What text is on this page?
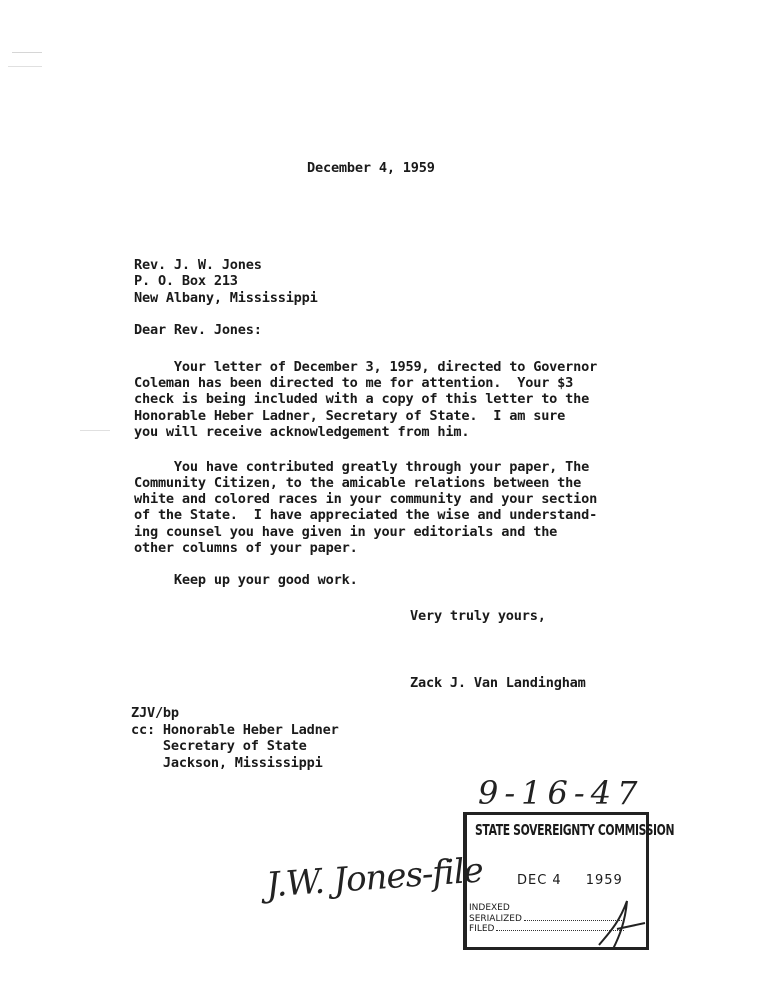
December 4, 1959
Rev. J. W. Jones
P. O. Box 213
New Albany, Mississippi
Dear Rev. Jones:
Your letter of December 3, 1959, directed to Governor
Coleman has been directed to me for attention.  Your $3
check is being included with a copy of this letter to the
Honorable Heber Ladner, Secretary of State.  I am sure
you will receive acknowledgement from him.
You have contributed greatly through your paper, The
Community Citizen, to the amicable relations between the
white and colored races in your community and your section
of the State.  I have appreciated the wise and understand-
ing counsel you have given in your editorials and the
other columns of your paper.
Keep up your good work.
Very truly yours,
Zack J. Van Landingham
ZJV/bp
cc: Honorable Heber Ladner
Secretary of State
Jackson, Mississippi
9-16-47
J.W. Jones-file
STATE SOVEREIGNTY COMMISSION
DEC 4 1959
INDEXED
SERIALIZED
FILED
